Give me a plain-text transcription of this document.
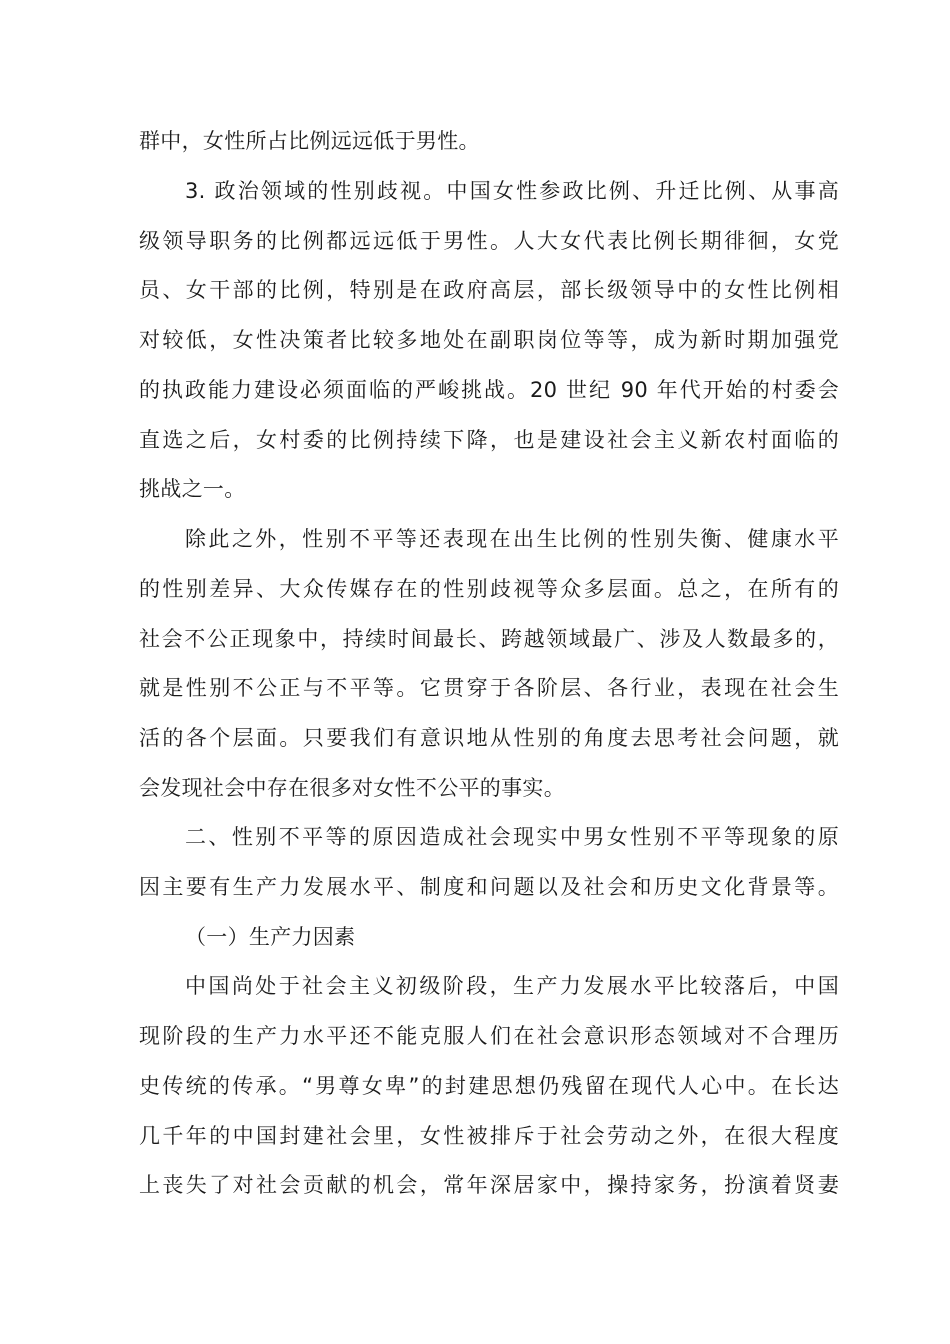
群中，女性所占比例远远低于男性。
3. 政治领域的性别歧视。中国女性参政比例、升迁比例、从事高
级领导职务的比例都远远低于男性。人大女代表比例长期徘徊，女党
员、女干部的比例，特别是在政府高层，部长级领导中的女性比例相
对较低，女性决策者比较多地处在副职岗位等等，成为新时期加强党
的执政能力建设必须面临的严峻挑战。20 世纪 90 年代开始的村委会
直选之后，女村委的比例持续下降，也是建设社会主义新农村面临的
挑战之一。
除此之外，性别不平等还表现在出生比例的性别失衡、健康水平
的性别差异、大众传媒存在的性别歧视等众多层面。总之，在所有的
社会不公正现象中，持续时间最长、跨越领域最广、涉及人数最多的，
就是性别不公正与不平等。它贯穿于各阶层、各行业，表现在社会生
活的各个层面。只要我们有意识地从性别的角度去思考社会问题，就
会发现社会中存在很多对女性不公平的事实。
二、性别不平等的原因造成社会现实中男女性别不平等现象的原
因主要有生产力发展水平、制度和问题以及社会和历史文化背景等。
（一）生产力因素
中国尚处于社会主义初级阶段，生产力发展水平比较落后，中国
现阶段的生产力水平还不能克服人们在社会意识形态领域对不合理历
史传统的传承。“男尊女卑”的封建思想仍残留在现代人心中。在长达
几千年的中国封建社会里，女性被排斥于社会劳动之外，在很大程度
上丧失了对社会贡献的机会，常年深居家中，操持家务，扮演着贤妻
